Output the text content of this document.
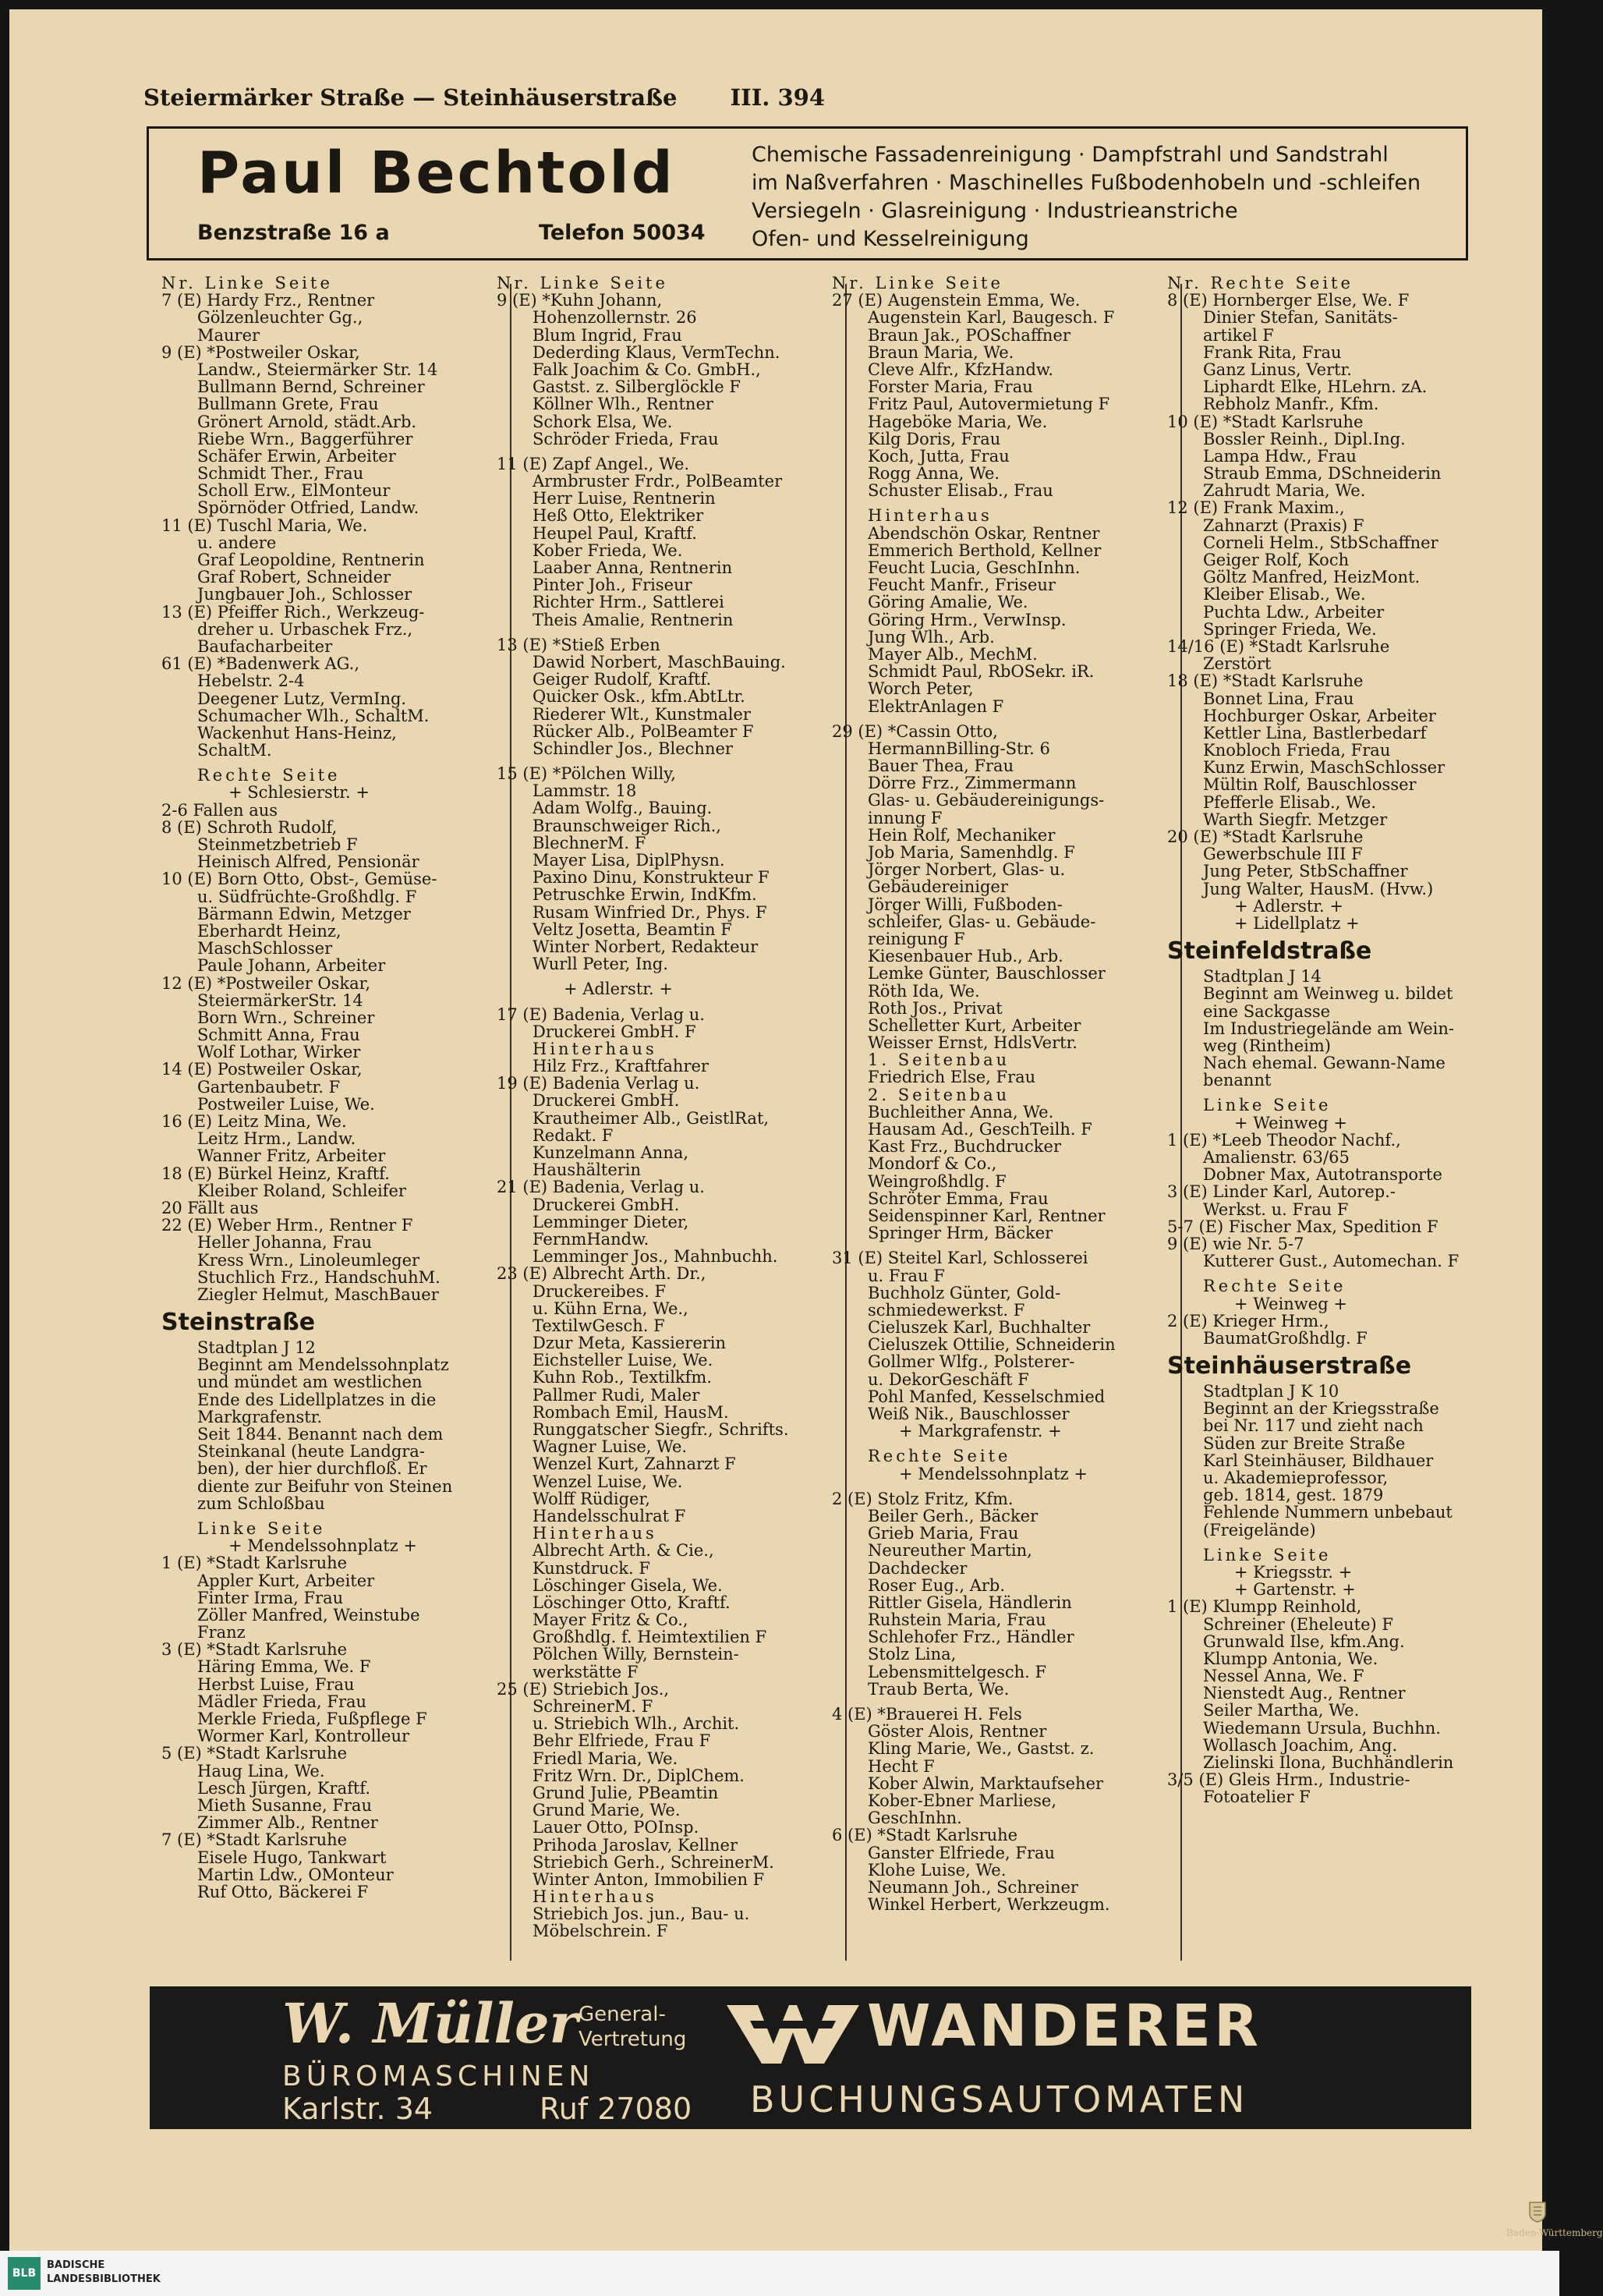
Steiermärker Straße — Steinhäuserstraße III. 394
Paul Bechtold
Benzstraße 16 a	Telefon 50034
Chemische Fassadenreinigung · Dampfstrahl und Sandstrahl
im Naßverfahren · Maschinelles Fußbodenhobeln und -schleifen
Versiegeln · Glasreinigung · Industrieanstriche
Ofen- und Kesselreinigung
Nr. Linke Seite
7 (E) Hardy Frz., Rentner
Gölzenleuchter Gg.,
Maurer
9 (E) *Postweiler Oskar,
Landw., Steiermärker Str. 14
Bullmann Bernd, Schreiner
Bullmann Grete, Frau
Grönert Arnold, städt.Arb.
Riebe Wrn., Baggerführer
Schäfer Erwin, Arbeiter
Schmidt Ther., Frau
Scholl Erw., ElMonteur
Spörnöder Otfried, Landw.
11 (E) Tuschl Maria, We.
u. andere
Graf Leopoldine, Rentnerin
Graf Robert, Schneider
Jungbauer Joh., Schlosser
13 (E) Pfeiffer Rich., Werkzeug-
dreher u. Urbaschek Frz.,
Baufacharbeiter
61 (E) *Badenwerk AG.,
Hebelstr. 2-4
Deegener Lutz, VermIng.
Schumacher Wlh., SchaltM.
Wackenhut Hans-Heinz,
SchaltM.
Rechte Seite
+ Schlesierstr. +
2-6 Fallen aus
8 (E) Schroth Rudolf,
Steinmetzbetrieb F
Heinisch Alfred, Pensionär
10 (E) Born Otto, Obst-, Gemüse-
u. Südfrüchte-Großhdlg. F
Bärmann Edwin, Metzger
Eberhardt Heinz,
MaschSchlosser
Paule Johann, Arbeiter
12 (E) *Postweiler Oskar,
SteiermärkerStr. 14
Born Wrn., Schreiner
Schmitt Anna, Frau
Wolf Lothar, Wirker
14 (E) Postweiler Oskar,
Gartenbaubetr. F
Postweiler Luise, We.
16 (E) Leitz Mina, We.
Leitz Hrm., Landw.
Wanner Fritz, Arbeiter
18 (E) Bürkel Heinz, Kraftf.
Kleiber Roland, Schleifer
20 Fällt aus
22 (E) Weber Hrm., Rentner F
Heller Johanna, Frau
Kress Wrn., Linoleumleger
Stuchlich Frz., HandschuhM.
Ziegler Helmut, MaschBauer
Steinstraße
Stadtplan J 12
Beginnt am Mendelssohnplatz
und mündet am westlichen
Ende des Lidellplatzes in die
Markgrafenstr.
Seit 1844. Benannt nach dem
Steinkanal (heute Landgra-
ben), der hier durchfloß. Er
diente zur Beifuhr von Steinen
zum Schloßbau
Linke Seite
+ Mendelssohnplatz +
1 (E) *Stadt Karlsruhe
Appler Kurt, Arbeiter
Finter Irma, Frau
Zöller Manfred, Weinstube
Franz
3 (E) *Stadt Karlsruhe
Häring Emma, We. F
Herbst Luise, Frau
Mädler Frieda, Frau
Merkle Frieda, Fußpflege F
Wormer Karl, Kontrolleur
5 (E) *Stadt Karlsruhe
Haug Lina, We.
Lesch Jürgen, Kraftf.
Mieth Susanne, Frau
Zimmer Alb., Rentner
7 (E) *Stadt Karlsruhe
Eisele Hugo, Tankwart
Martin Ldw., OMonteur
Ruf Otto, Bäckerei F
Nr. Linke Seite
9 (E) *Kuhn Johann,
Hohenzollernstr. 26
Blum Ingrid, Frau
Dederding Klaus, VermTechn.
Falk Joachim & Co. GmbH.,
Gastst. z. Silberglöckle F
Köllner Wlh., Rentner
Schork Elsa, We.
Schröder Frieda, Frau
11 (E) Zapf Angel., We.
Armbruster Frdr., PolBeamter
Herr Luise, Rentnerin
Heß Otto, Elektriker
Heupel Paul, Kraftf.
Kober Frieda, We.
Laaber Anna, Rentnerin
Pinter Joh., Friseur
Richter Hrm., Sattlerei
Theis Amalie, Rentnerin
13 (E) *Stieß Erben
Dawid Norbert, MaschBauing.
Geiger Rudolf, Kraftf.
Quicker Osk., kfm.AbtLtr.
Riederer Wlt., Kunstmaler
Rücker Alb., PolBeamter F
Schindler Jos., Blechner
15 (E) *Pölchen Willy,
Lammstr. 18
Adam Wolfg., Bauing.
Braunschweiger Rich.,
BlechnerM. F
Mayer Lisa, DiplPhysn.
Paxino Dinu, Konstrukteur F
Petruschke Erwin, IndKfm.
Rusam Winfried Dr., Phys. F
Veltz Josetta, Beamtin F
Winter Norbert, Redakteur
Wurll Peter, Ing.
+ Adlerstr. +
17 (E) Badenia, Verlag u.
Druckerei GmbH. F
Hinterhaus
Hilz Frz., Kraftfahrer
19 (E) Badenia Verlag u.
Druckerei GmbH.
Krautheimer Alb., GeistlRat,
Redakt. F
Kunzelmann Anna,
Haushälterin
21 (E) Badenia, Verlag u.
Druckerei GmbH.
Lemminger Dieter,
FernmHandw.
Lemminger Jos., Mahnbuchh.
23 (E) Albrecht Arth. Dr.,
Druckereibes. F
u. Kühn Erna, We.,
TextilwGesch. F
Dzur Meta, Kassiererin
Eichsteller Luise, We.
Kuhn Rob., Textilkfm.
Pallmer Rudi, Maler
Rombach Emil, HausM.
Runggatscher Siegfr., Schrifts.
Wagner Luise, We.
Wenzel Kurt, Zahnarzt F
Wenzel Luise, We.
Wolff Rüdiger,
Handelsschulrat F
Hinterhaus
Albrecht Arth. & Cie.,
Kunstdruck. F
Löschinger Gisela, We.
Löschinger Otto, Kraftf.
Mayer Fritz & Co.,
Großhdlg. f. Heimtextilien F
Pölchen Willy, Bernstein-
werkstätte F
25 (E) Striebich Jos.,
SchreinerM. F
u. Striebich Wlh., Archit.
Behr Elfriede, Frau F
Friedl Maria, We.
Fritz Wrn. Dr., DiplChem.
Grund Julie, PBeamtin
Grund Marie, We.
Lauer Otto, POInsp.
Prihoda Jaroslav, Kellner
Striebich Gerh., SchreinerM.
Winter Anton, Immobilien F
Hinterhaus
Striebich Jos. jun., Bau- u.
Möbelschrein. F
Nr. Linke Seite
27 (E) Augenstein Emma, We.
Augenstein Karl, Baugesch. F
Braun Jak., POSchaffner
Braun Maria, We.
Cleve Alfr., KfzHandw.
Forster Maria, Frau
Fritz Paul, Autovermietung F
Hageböke Maria, We.
Kilg Doris, Frau
Koch, Jutta, Frau
Rogg Anna, We.
Schuster Elisab., Frau
Hinterhaus
Abendschön Oskar, Rentner
Emmerich Berthold, Kellner
Feucht Lucia, GeschInhn.
Feucht Manfr., Friseur
Göring Amalie, We.
Göring Hrm., VerwInsp.
Jung Wlh., Arb.
Mayer Alb., MechM.
Schmidt Paul, RbOSekr. iR.
Worch Peter,
ElektrAnlagen F
29 (E) *Cassin Otto,
HermannBilling-Str. 6
Bauer Thea, Frau
Dörre Frz., Zimmermann
Glas- u. Gebäudereinigungs-
innung F
Hein Rolf, Mechaniker
Job Maria, Samenhdlg. F
Jörger Norbert, Glas- u.
Gebäudereiniger
Jörger Willi, Fußboden-
schleifer, Glas- u. Gebäude-
reinigung F
Kiesenbauer Hub., Arb.
Lemke Günter, Bauschlosser
Röth Ida, We.
Roth Jos., Privat
Schelletter Kurt, Arbeiter
Weisser Ernst, HdlsVertr.
1. Seitenbau
Friedrich Else, Frau
2. Seitenbau
Buchleither Anna, We.
Hausam Ad., GeschTeilh. F
Kast Frz., Buchdrucker
Mondorf & Co.,
Weingroßhdlg. F
Schröter Emma, Frau
Seidenspinner Karl, Rentner
Springer Hrm, Bäcker
31 (E) Steitel Karl, Schlosserei
u. Frau F
Buchholz Günter, Gold-
schmiedewerkst. F
Cieluszek Karl, Buchhalter
Cieluszek Ottilie, Schneiderin
Gollmer Wlfg., Polsterer-
u. DekorGeschäft F
Pohl Manfed, Kesselschmied
Weiß Nik., Bauschlosser
+ Markgrafenstr. +
Rechte Seite
+ Mendelssohnplatz +
2 (E) Stolz Fritz, Kfm.
Beiler Gerh., Bäcker
Grieb Maria, Frau
Neureuther Martin,
Dachdecker
Roser Eug., Arb.
Rittler Gisela, Händlerin
Ruhstein Maria, Frau
Schlehofer Frz., Händler
Stolz Lina,
Lebensmittelgesch. F
Traub Berta, We.
4 (E) *Brauerei H. Fels
Göster Alois, Rentner
Kling Marie, We., Gastst. z.
Hecht F
Kober Alwin, Marktaufseher
Kober-Ebner Marliese,
GeschInhn.
6 (E) *Stadt Karlsruhe
Ganster Elfriede, Frau
Klohe Luise, We.
Neumann Joh., Schreiner
Winkel Herbert, Werkzeugm.
Nr. Rechte Seite
8 (E) Hornberger Else, We. F
Dinier Stefan, Sanitäts-
artikel F
Frank Rita, Frau
Ganz Linus, Vertr.
Liphardt Elke, HLehrn. zA.
Rebholz Manfr., Kfm.
10 (E) *Stadt Karlsruhe
Bossler Reinh., Dipl.Ing.
Lampa Hdw., Frau
Straub Emma, DSchneiderin
Zahrudt Maria, We.
12 (E) Frank Maxim.,
Zahnarzt (Praxis) F
Corneli Helm., StbSchaffner
Geiger Rolf, Koch
Göltz Manfred, HeizMont.
Kleiber Elisab., We.
Puchta Ldw., Arbeiter
Springer Frieda, We.
14/16 (E) *Stadt Karlsruhe
Zerstört
18 (E) *Stadt Karlsruhe
Bonnet Lina, Frau
Hochburger Oskar, Arbeiter
Kettler Lina, Bastlerbedarf
Knobloch Frieda, Frau
Kunz Erwin, MaschSchlosser
Mültin Rolf, Bauschlosser
Pfefferle Elisab., We.
Warth Siegfr. Metzger
20 (E) *Stadt Karlsruhe
Gewerbschule III F
Jung Peter, StbSchaffner
Jung Walter, HausM. (Hvw.)
+ Adlerstr. +
+ Lidellplatz +
Steinfeldstraße
Stadtplan J 14
Beginnt am Weinweg u. bildet
eine Sackgasse
Im Industriegelände am Wein-
weg (Rintheim)
Nach ehemal. Gewann-Name
benannt
Linke Seite
+ Weinweg +
1 (E) *Leeb Theodor Nachf.,
Amalienstr. 63/65
Dobner Max, Autotransporte
3 (E) Linder Karl, Autorep.-
Werkst. u. Frau F
5-7 (E) Fischer Max, Spedition F
9 (E) wie Nr. 5-7
Kutterer Gust., Automechan. F
Rechte Seite
+ Weinweg +
2 (E) Krieger Hrm.,
BaumatGroßhdlg. F
Steinhäuserstraße
Stadtplan J K 10
Beginnt an der Kriegsstraße
bei Nr. 117 und zieht nach
Süden zur Breite Straße
Karl Steinhäuser, Bildhauer
u. Akademieprofessor,
geb. 1814, gest. 1879
Fehlende Nummern unbebaut
(Freigelände)
Linke Seite
+ Kriegsstr. +
+ Gartenstr. +
1 (E) Klumpp Reinhold,
Schreiner (Eheleute) F
Grunwald Ilse, kfm.Ang.
Klumpp Antonia, We.
Nessel Anna, We. F
Nienstedt Aug., Rentner
Seiler Martha, We.
Wiedemann Ursula, Buchhn.
Wollasch Joachim, Ang.
Zielinski Ilona, Buchhändlerin
3/5 (E) Gleis Hrm., Industrie-
Fotoatelier F
W. Müller General-
Vertretung
BÜROMASCHINEN
Karlstr. 34	Ruf 27080
WANDERER
BUCHUNGSAUTOMATEN
Baden-Württemberg
BLB
BADISCHE
LANDESBIBLIOTHEK
